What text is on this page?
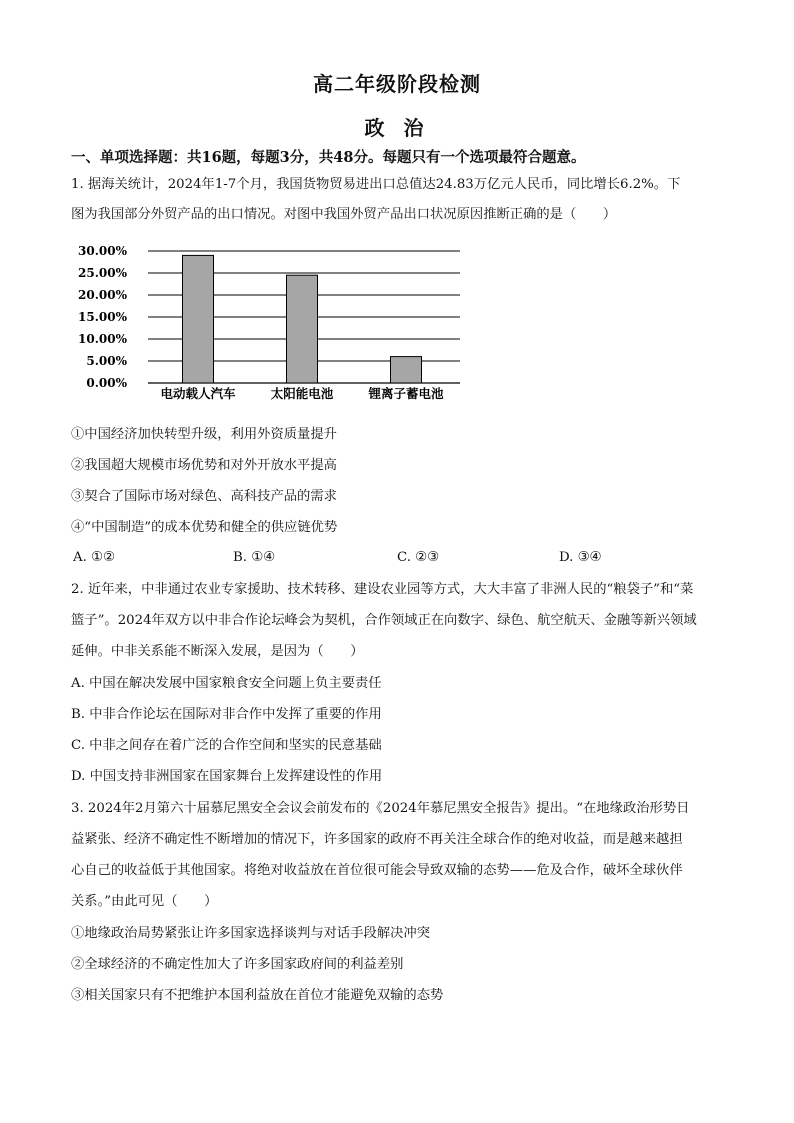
高二年级阶段检测
政 治
一、单项选择题：共16题，每题3分，共48分。每题只有一个选项最符合题意。
1. 据海关统计，2024年1-7个月，我国货物贸易进出口总值达24.83万亿元人民币，同比增长6.2%。下
图为我国部分外贸产品的出口情况。对图中我国外贸产品出口状况原因推断正确的是（　　）
0.00%
5.00%
10.00%
15.00%
20.00%
25.00%
30.00%
电动载人汽车	太阳能电池	锂离子蓄电池
①中国经济加快转型升级，利用外资质量提升
②我国超大规模市场优势和对外开放水平提高
③契合了国际市场对绿色、高科技产品的需求
④“中国制造”的成本优势和健全的供应链优势
A. ①②	B. ①④	C. ②③	D. ③④
2. 近年来，中非通过农业专家援助、技术转移、建设农业园等方式，大大丰富了非洲人民的“粮袋子”和“菜
篮子”。2024年双方以中非合作论坛峰会为契机，合作领域正在向数字、绿色、航空航天、金融等新兴领域
延伸。中非关系能不断深入发展，是因为（　　）
A. 中国在解决发展中国家粮食安全问题上负主要责任
B. 中非合作论坛在国际对非合作中发挥了重要的作用
C. 中非之间存在着广泛的合作空间和坚实的民意基础
D. 中国支持非洲国家在国家舞台上发挥建设性的作用
3. 2024年2月第六十届慕尼黑安全会议会前发布的《2024年慕尼黑安全报告》提出。“在地缘政治形势日
益紧张、经济不确定性不断增加的情况下，许多国家的政府不再关注全球合作的绝对收益，而是越来越担
心自己的收益低于其他国家。将绝对收益放在首位很可能会导致双输的态势——危及合作，破坏全球伙伴
关系。”由此可见（　　）
①地缘政治局势紧张让许多国家选择谈判与对话手段解决冲突
②全球经济的不确定性加大了许多国家政府间的利益差别
③相关国家只有不把维护本国利益放在首位才能避免双输的态势
